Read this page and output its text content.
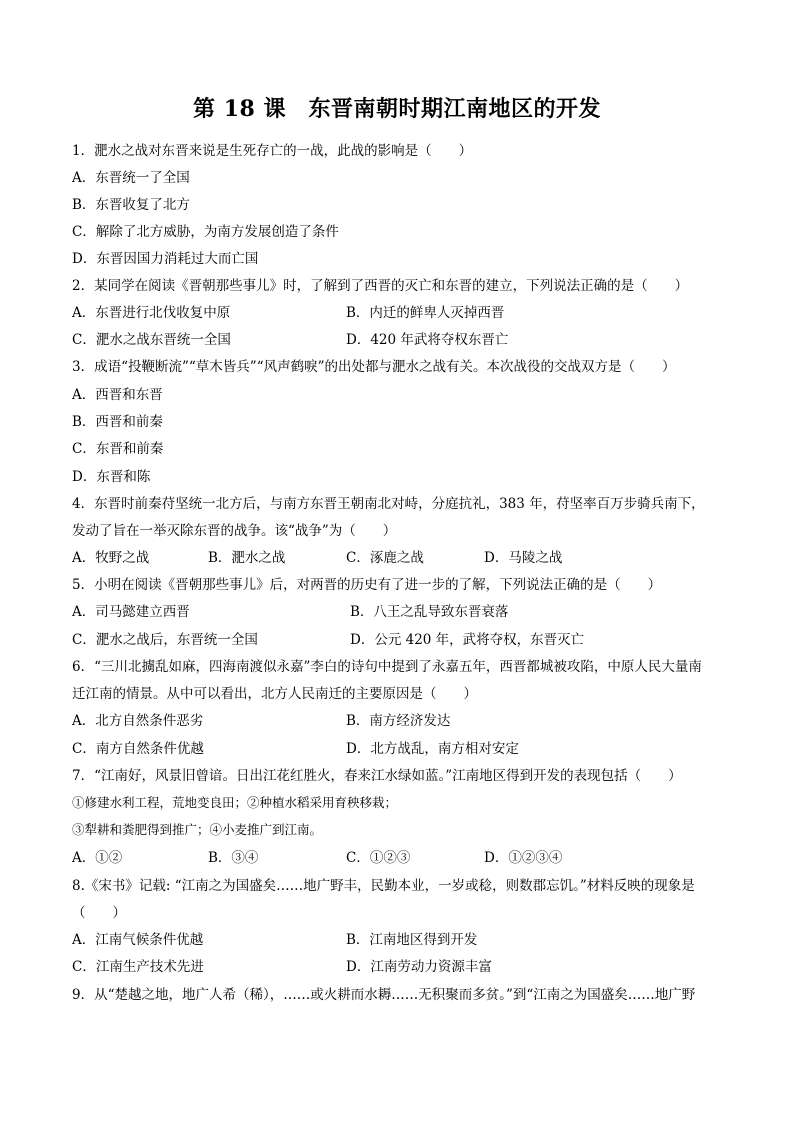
第 18 课　东晋南朝时期江南地区的开发
1．淝水之战对东晋来说是生死存亡的一战，此战的影响是（　　）
A．东晋统一了全国
B．东晋收复了北方
C．解除了北方威胁，为南方发展创造了条件
D．东晋因国力消耗过大而亡国
2．某同学在阅读《晋朝那些事儿》时，了解到了西晋的灭亡和东晋的建立，下列说法正确的是（　　）
A．东晋进行北伐收复中原	B．内迁的鲜卑人灭掉西晋
C．淝水之战东晋统一全国	D．420 年武将夺权东晋亡
3．成语“投鞭断流”“草木皆兵”“风声鹤唳”的出处都与淝水之战有关。本次战役的交战双方是（　　）
A．西晋和东晋
B．西晋和前秦
C．东晋和前秦
D．东晋和陈
4．东晋时前秦苻坚统一北方后，与南方东晋王朝南北对峙，分庭抗礼，383 年，苻坚率百万步骑兵南下，
发动了旨在一举灭除东晋的战争。该“战争”为（　　）
A．牧野之战	B．淝水之战	C．涿鹿之战	D．马陵之战
5．小明在阅读《晋朝那些事儿》后，对两晋的历史有了进一步的了解，下列说法正确的是（　　）
A．司马懿建立西晋	B．八王之乱导致东晋衰落
C．淝水之战后，东晋统一全国	D．公元 420 年，武将夺权，东晋灭亡
6．“三川北擄乱如麻，四海南渡似永嘉”李白的诗句中提到了永嘉五年，西晋都城被攻陷，中原人民大量南
迁江南的情景。从中可以看出，北方人民南迁的主要原因是（　　）
A．北方自然条件恶劣	B．南方经济发达
C．南方自然条件优越	D．北方战乱，南方相对安定
7．“江南好，风景旧曾谙。日出江花红胜火，春来江水绿如蓝。”江南地区得到开发的表现包括（　　）
①修建水利工程，荒地变良田；②种植水稻采用育秧移栽；
③犁耕和粪肥得到推广；④小麦推广到江南。
A．①②	B．③④	C．①②③	D．①②③④
8.《宋书》记载: “江南之为国盛矣……地广野丰，民勤本业，一岁或稔，则数郡忘饥。”材料反映的现象是
（　　）
A．江南气候条件优越	B．江南地区得到开发
C．江南生产技术先进	D．江南劳动力资源丰富
9．从“楚越之地，地广人希（稀），……或火耕而水耨……无积聚而多贫。”到“江南之为国盛矣……地广野
